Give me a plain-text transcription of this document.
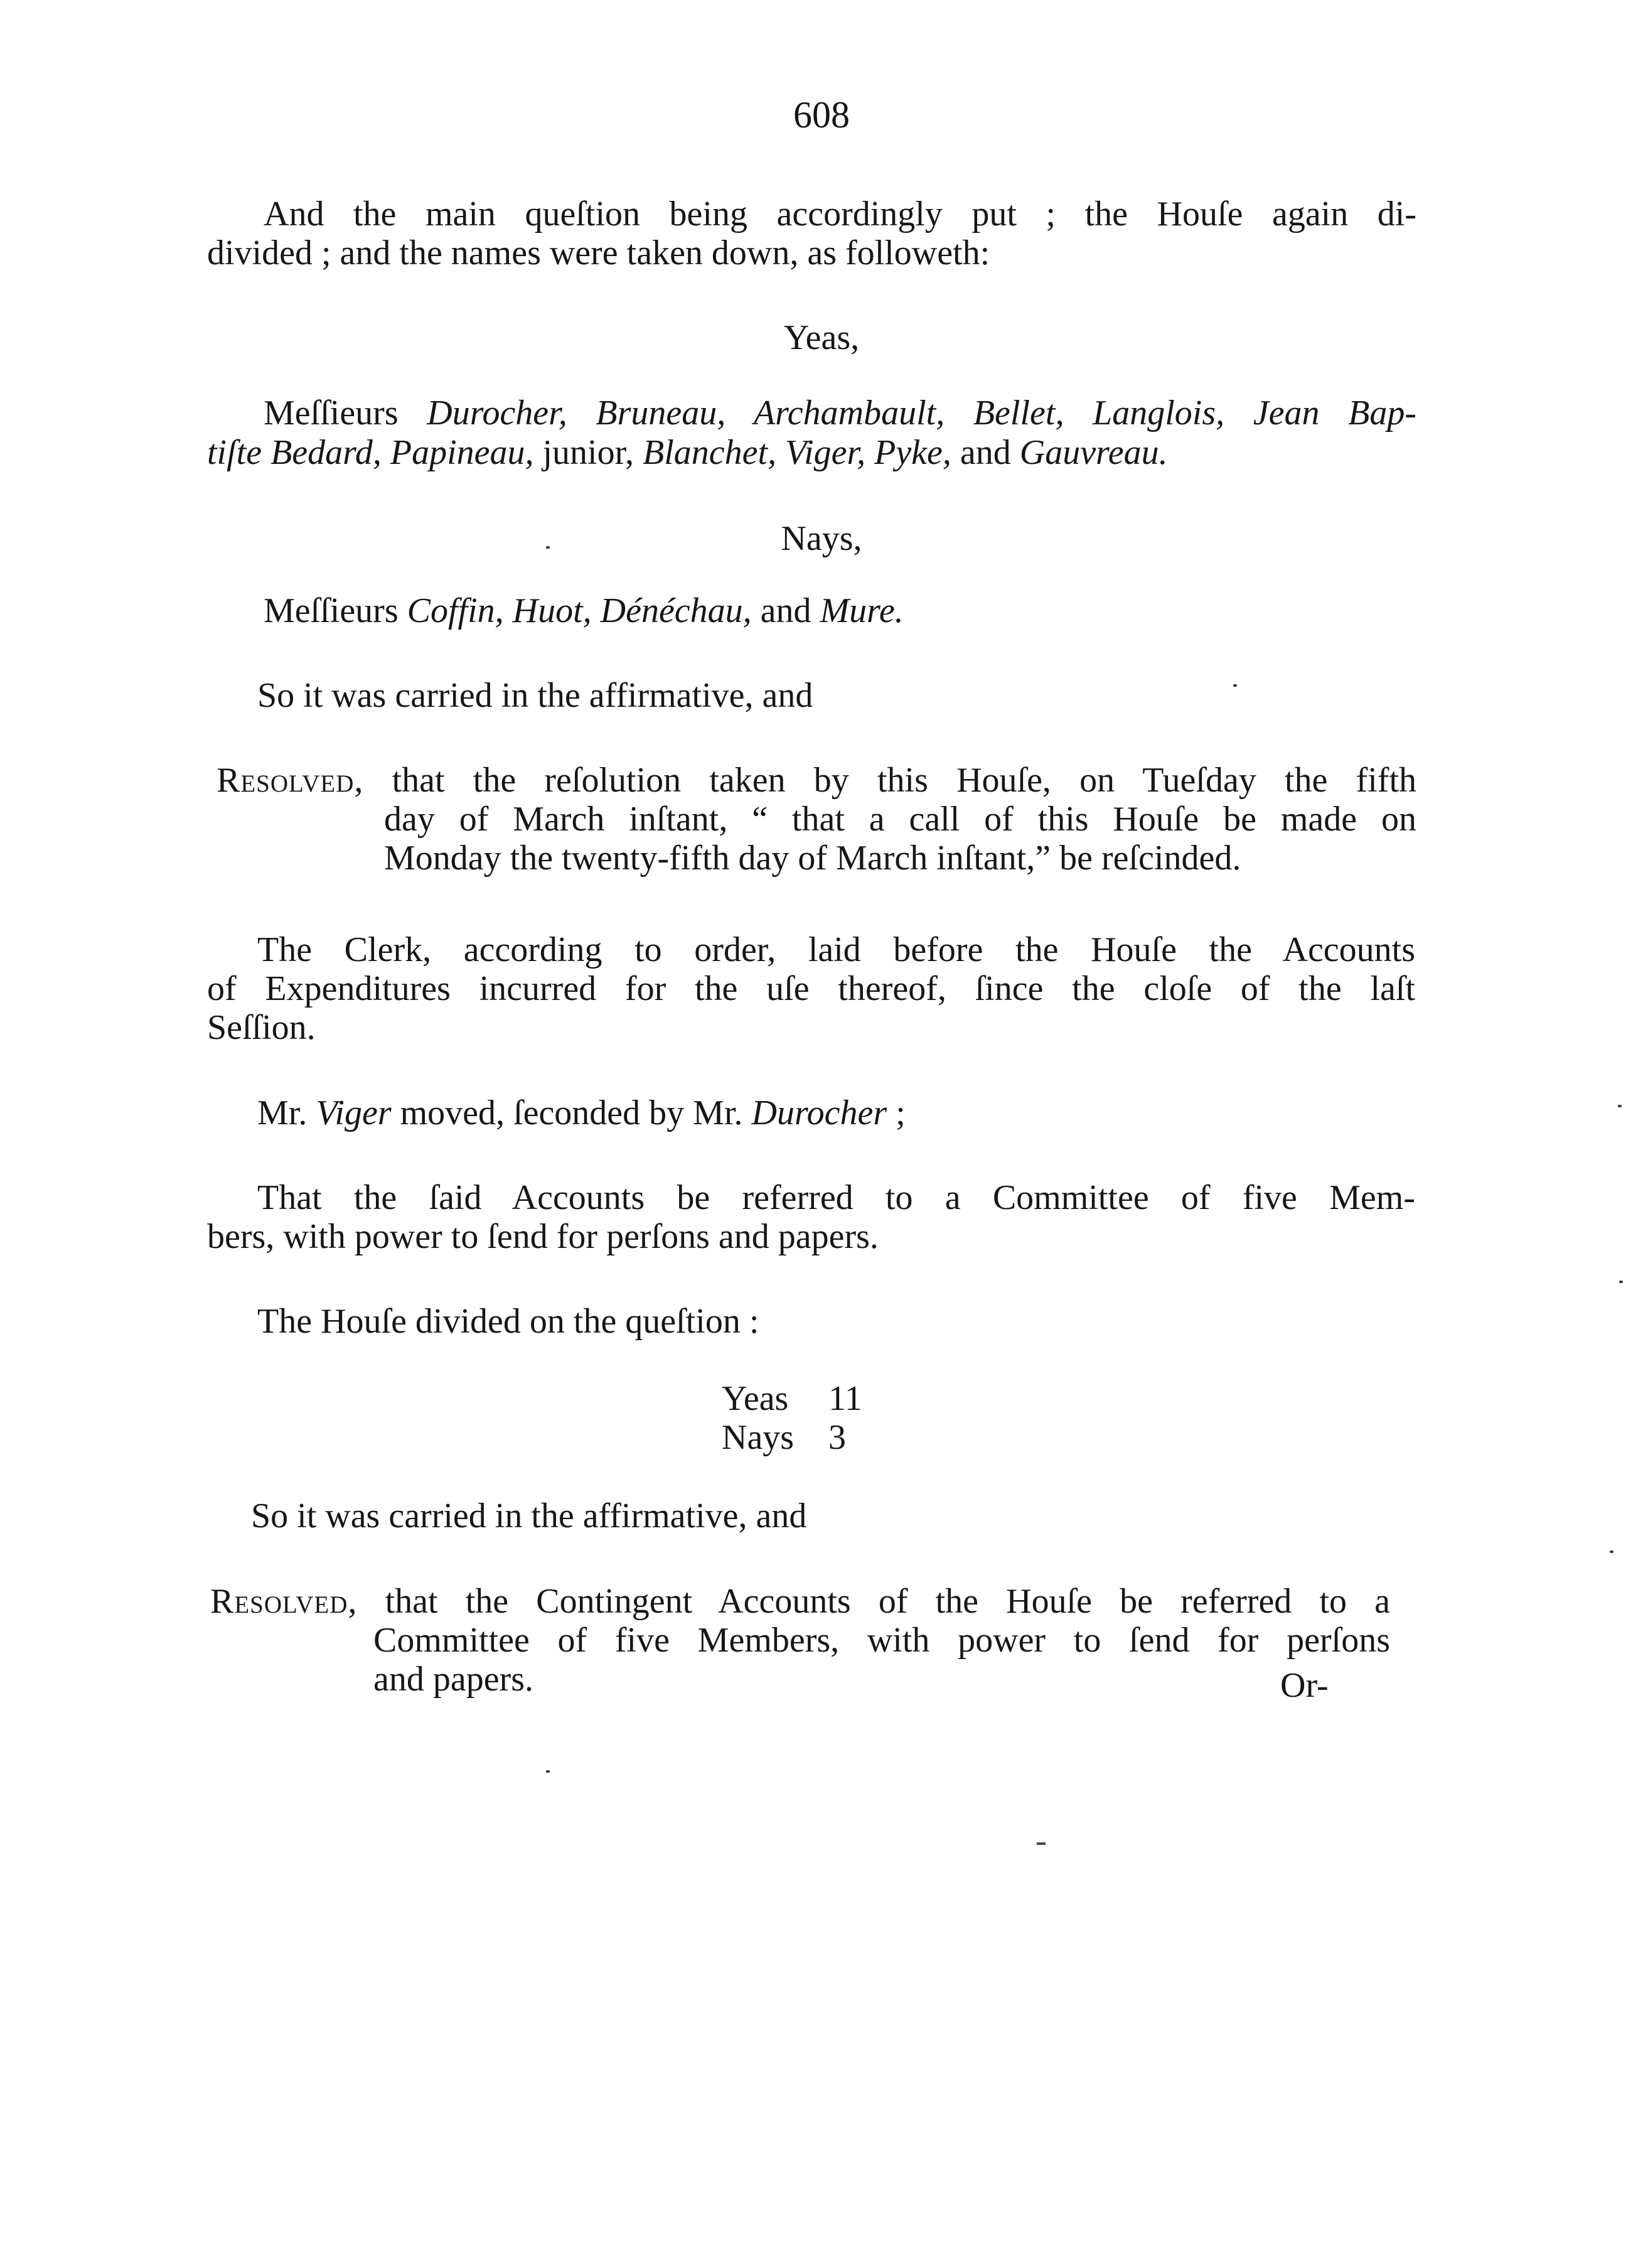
608
And the main queſtion being accordingly put ; the Houſe again di-
divided ; and the names were taken down, as followeth:
Yeas,
Meſſieurs Durocher, Bruneau, Archambault, Bellet, Langlois, Jean Bap-
tiſte Bedard, Papineau, junior, Blanchet, Viger, Pyke, and Gauvreau.
Nays,
Meſſieurs Coffin, Huot, Dénéchau, and Mure.
So it was carried in the affirmative, and
Resolved, that the reſolution taken by this Houſe, on Tueſday the fifth
day of March inſtant, “ that a call of this Houſe be made on
Monday the twenty-fifth day of March inſtant,” be reſcinded.
The Clerk, according to order, laid before the Houſe the Accounts
of Expenditures incurred for the uſe thereof, ſince the cloſe of the laſt
Seſſion.
Mr. Viger moved, ſeconded by Mr. Durocher ;
That the ſaid Accounts be referred to a Committee of five Mem-
bers, with power to ſend for perſons and papers.
The Houſe divided on the queſtion :
Yeas 11
Nays 3
So it was carried in the affirmative, and
Resolved, that the Contingent Accounts of the Houſe be referred to a
Committee of five Members, with power to ſend for perſons
and papers.	Or-
